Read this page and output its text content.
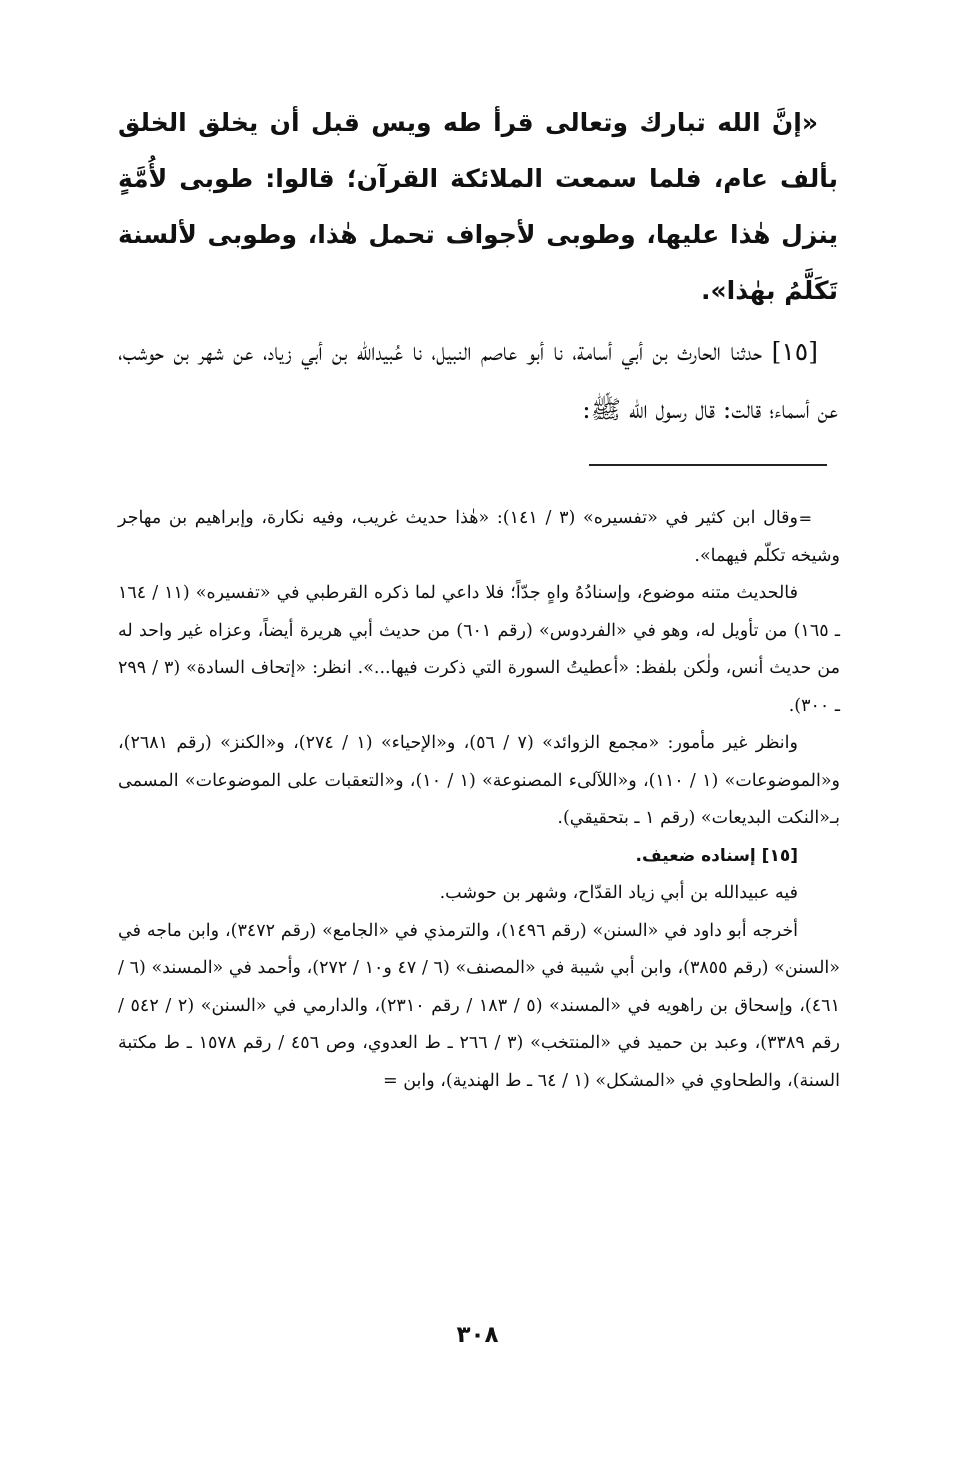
«إنَّ الله تبارك وتعالى قرأ طه ويس قبل أن يخلق الخلق بألف عام، فلما سمعت الملائكة القرآن؛ قالوا: طوبى لأُمَّةٍ ينزل هٰذا عليها، وطوبى لأجواف تحمل هٰذا، وطوبى لألسنة تَكَلَّمُ بهٰذا».

[١٥] حدثنا الحارث بن أبي أسامة، نا أبو عاصم النبيل، نا عُبيدالله بن أبي زياد، عن شهر بن حوشب، عن أسماء؛ قالت: قال رسول الله ﷺ:

=
وقال ابن كثير في «تفسيره» (٣ / ١٤١): «هٰذا حديث غريب، وفيه نكارة، وإبراهيم بن مهاجر وشيخه تكلّم فيهما».

فالحديث متنه موضوع، وإسنادُهُ واهٍ جدّاً؛ فلا داعي لما ذكره القرطبي في «تفسيره» (١١ / ١٦٤ ـ ١٦٥) من تأويل له، وهو في «الفردوس» (رقم ٦٠١) من حديث أبي هريرة أيضاً، وعزاه غير واحد له من حديث أنس، ولٰكن بلفظ: «أعطيتُ السورة التي ذكرت فيها...». انظر: «إتحاف السادة» (٣ / ٢٩٩ ـ ٣٠٠).

وانظر غير مأمور: «مجمع الزوائد» (٧ / ٥٦)، و«الإحياء» (١ / ٢٧٤)، و«الكنز» (رقم ٢٦٨١)، و«الموضوعات» (١ / ١١٠)، و«اللآلىء المصنوعة» (١ / ١٠)، و«التعقبات على الموضوعات» المسمى بـ«النكت البديعات» (رقم ١ ـ بتحقيقي).

[١٥] إسناده ضعيف.

فيه عبيدالله بن أبي زياد القدّاح، وشهر بن حوشب.

أخرجه أبو داود في «السنن» (رقم ١٤٩٦)، والترمذي في «الجامع» (رقم ٣٤٧٢)، وابن ماجه في «السنن» (رقم ٣٨٥٥)، وابن أبي شيبة في «المصنف» (٦ / ٤٧ و١٠ / ٢٧٢)، وأحمد في «المسند» (٦ / ٤٦١)، وإسحاق بن راهويه في «المسند» (٥ / ١٨٣ / رقم ٢٣١٠)، والدارمي في «السنن» (٢ / ٥٤٢ / رقم ٣٣٨٩)، وعبد بن حميد في «المنتخب» (٣ / ٢٦٦ ـ ط العدوي، وص ٤٥٦ / رقم ١٥٧٨ ـ ط مكتبة السنة)، والطحاوي في «المشكل» (١ / ٦٤ ـ ط الهندية)، وابن =

٣٠٨
